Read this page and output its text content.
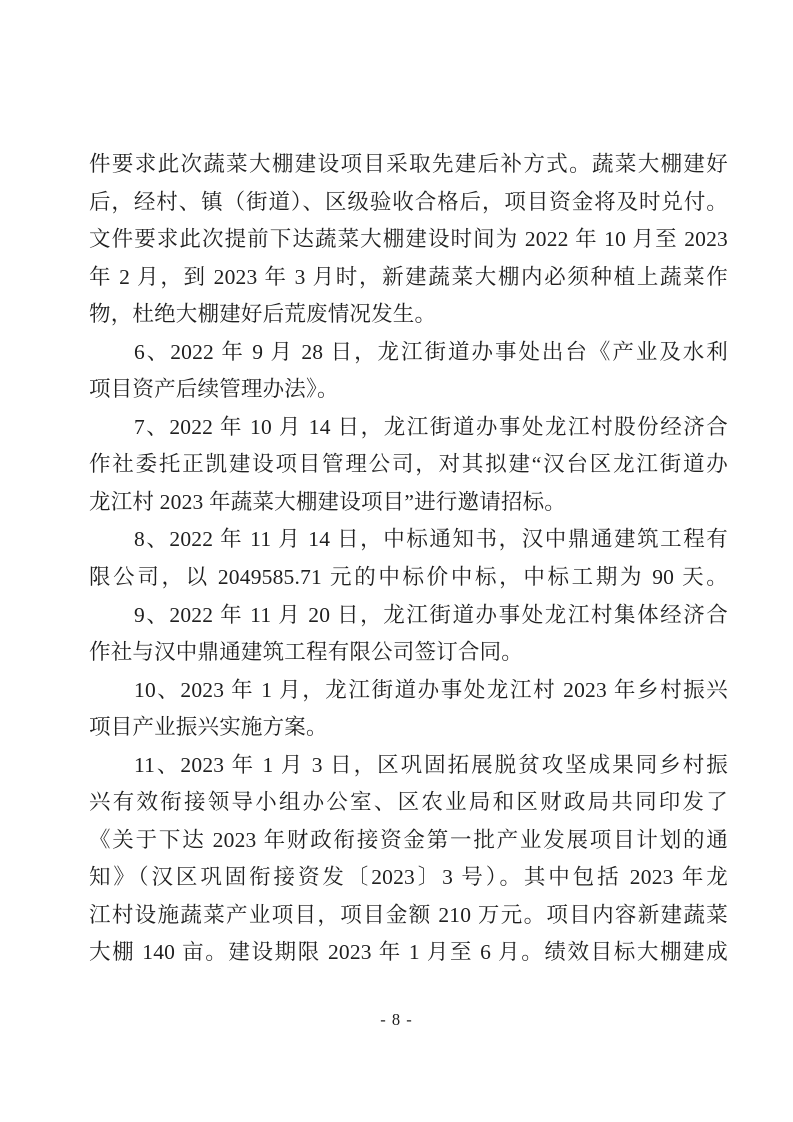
件要求此次蔬菜大棚建设项目采取先建后补方式。蔬菜大棚建好
后，经村、镇（街道）、区级验收合格后，项目资金将及时兑付。
文件要求此次提前下达蔬菜大棚建设时间为 2022 年 10 月至 2023
年 2 月，到 2023 年 3 月时，新建蔬菜大棚内必须种植上蔬菜作
物，杜绝大棚建好后荒废情况发生。
6、2022 年 9 月 28 日，龙江街道办事处出台《产业及水利
项目资产后续管理办法》。
7、2022 年 10 月 14 日，龙江街道办事处龙江村股份经济合
作社委托正凯建设项目管理公司，对其拟建“汉台区龙江街道办
龙江村 2023 年蔬菜大棚建设项目”进行邀请招标。
8、2022 年 11 月 14 日，中标通知书，汉中鼎通建筑工程有
限公司，以 2049585.71 元的中标价中标，中标工期为 90 天。
9、2022 年 11 月 20 日，龙江街道办事处龙江村集体经济合
作社与汉中鼎通建筑工程有限公司签订合同。
10、2023 年 1 月，龙江街道办事处龙江村 2023 年乡村振兴
项目产业振兴实施方案。
11、2023 年 1 月 3 日，区巩固拓展脱贫攻坚成果同乡村振
兴有效衔接领导小组办公室、区农业局和区财政局共同印发了
《关于下达 2023 年财政衔接资金第一批产业发展项目计划的通
知》（汉区巩固衔接资发〔2023〕3 号）。其中包括 2023 年龙
江村设施蔬菜产业项目，项目金额 210 万元。项目内容新建蔬菜
大棚 140 亩。建设期限 2023 年 1 月至 6 月。绩效目标大棚建成
- 8 -
